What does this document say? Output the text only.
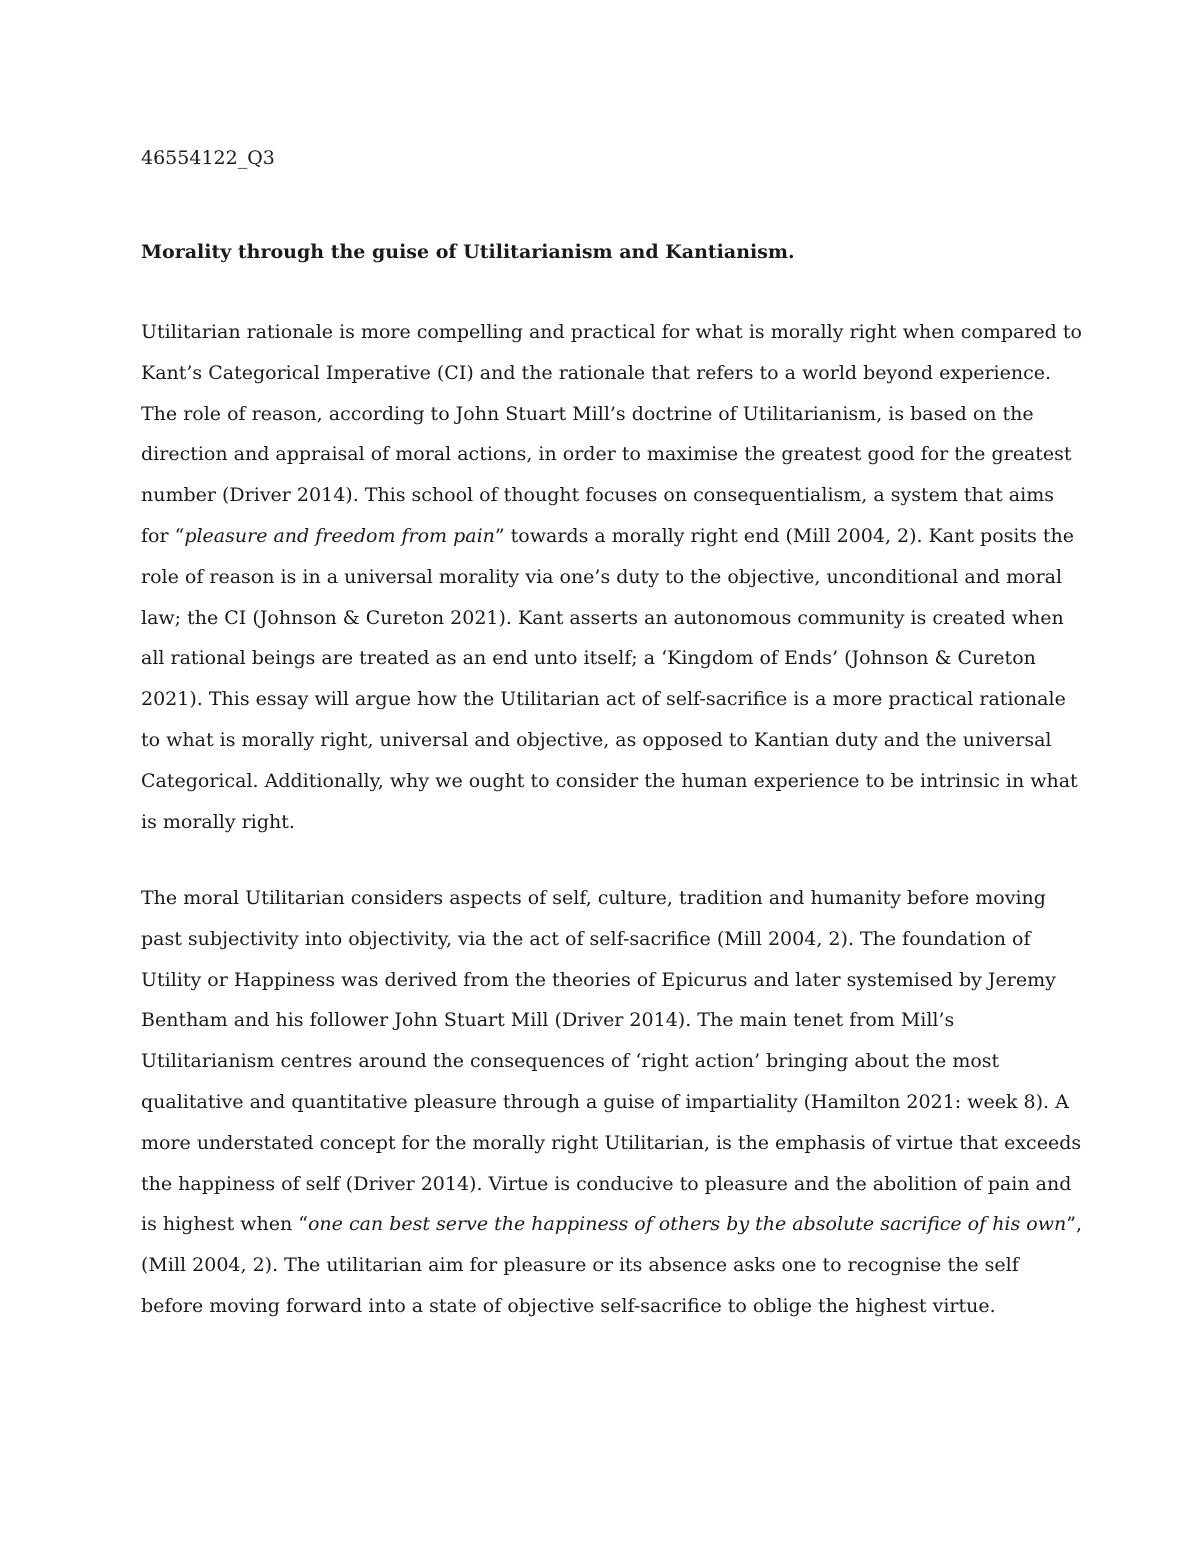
46554122_Q3

Morality through the guise of Utilitarianism and Kantianism.
Utilitarian rationale is more compelling and practical for what is morally right when compared to
Kant’s Categorical Imperative (CI) and the rationale that refers to a world beyond experience.
The role of reason, according to John Stuart Mill’s doctrine of Utilitarianism, is based on the
direction and appraisal of moral actions, in order to maximise the greatest good for the greatest
number (Driver 2014). This school of thought focuses on consequentialism, a system that aims
for “pleasure and freedom from pain” towards a morally right end (Mill 2004, 2). Kant posits the
role of reason is in a universal morality via one’s duty to the objective, unconditional and moral
law; the CI (Johnson & Cureton 2021). Kant asserts an autonomous community is created when
all rational beings are treated as an end unto itself; a ‘Kingdom of Ends’ (Johnson & Cureton
2021). This essay will argue how the Utilitarian act of self-sacrifice is a more practical rationale
to what is morally right, universal and objective, as opposed to Kantian duty and the universal
Categorical. Additionally, why we ought to consider the human experience to be intrinsic in what
is morally right.
The moral Utilitarian considers aspects of self, culture, tradition and humanity before moving
past subjectivity into objectivity, via the act of self-sacrifice (Mill 2004, 2). The foundation of
Utility or Happiness was derived from the theories of Epicurus and later systemised by Jeremy
Bentham and his follower John Stuart Mill (Driver 2014). The main tenet from Mill’s
Utilitarianism centres around the consequences of ‘right action’ bringing about the most
qualitative and quantitative pleasure through a guise of impartiality (Hamilton 2021: week 8). A
more understated concept for the morally right Utilitarian, is the emphasis of virtue that exceeds
the happiness of self (Driver 2014). Virtue is conducive to pleasure and the abolition of pain and
is highest when “one can best serve the happiness of others by the absolute sacrifice of his own”,
(Mill 2004, 2). The utilitarian aim for pleasure or its absence asks one to recognise the self
before moving forward into a state of objective self-sacrifice to oblige the highest virtue.
